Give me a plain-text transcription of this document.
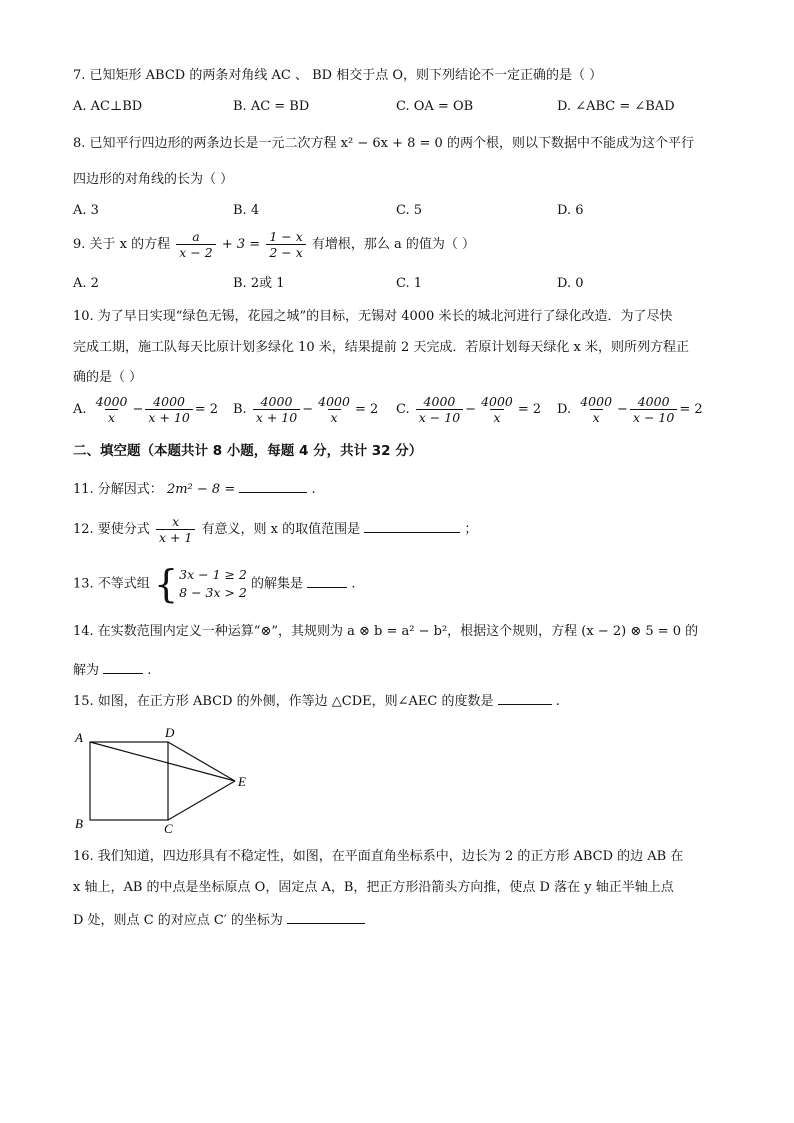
7. 已知矩形 ABCD 的两条对角线 AC 、 BD 相交于点 O，则下列结论不一定正确的是（ ）
A. AC⊥BD	B. AC = BD	C. OA = OB	D. ∠ABC = ∠BAD
8. 已知平行四边形的两条边长是一元二次方程 x² − 6x + 8 = 0 的两个根，则以下数据中不能成为这个平行
四边形的对角线的长为（ ）
A. 3	B. 4	C. 5	D. 6
9. 关于 x 的方程 $\frac{a}{x - 2} + 3 = \frac{1 - x}{2 - x}$ 有增根，那么 a 的值为（ ）
A. 2	B. 2或 1	C. 1	D. 0
10. 为了早日实现“绿色无锡，花园之城”的目标，无锡对 4000 米长的城北河进行了绿化改造．为了尽快
完成工期，施工队每天比原计划多绿化 10 米，结果提前 2 天完成．若原计划每天绿化 x 米，则所列方程正
确的是（ ）
A. $\frac{4000}{x} - \frac{4000}{x + 10} = 2$ B. $\frac{4000}{x + 10} - \frac{4000}{x} = 2$ C. $\frac{4000}{x - 10} - \frac{4000}{x} = 2$ D. $\frac{4000}{x} - \frac{4000}{x - 10} = 2$
二、填空题（本题共计 8 小题，每题 4 分，共计 32 分）
11. 分解因式： 2m² − 8 =	.
12. 要使分式 $\frac{x}{x + 1}$ 有意义，则 x 的取值范围是	；
13. 不等式组 { 3x − 1 ≥ 2
8 − 3x > 2
的解集是	.
14. 在实数范围内定义一种运算“⊗”，其规则为 a ⊗ b = a² − b²，根据这个规则，方程 (x − 2) ⊗ 5 = 0 的
解为	.
15. 如图，在正方形 ABCD 的外侧，作等边 △CDE，则∠AEC 的度数是	.
A	D
E
B	C
16. 我们知道，四边形具有不稳定性，如图，在平面直角坐标系中，边长为 2 的正方形 ABCD 的边 AB 在
x 轴上，AB 的中点是坐标原点 O，固定点 A，B，把正方形沿箭头方向推，使点 D 落在 y 轴正半轴上点
D 处，则点 C 的对应点 C′ 的坐标为
